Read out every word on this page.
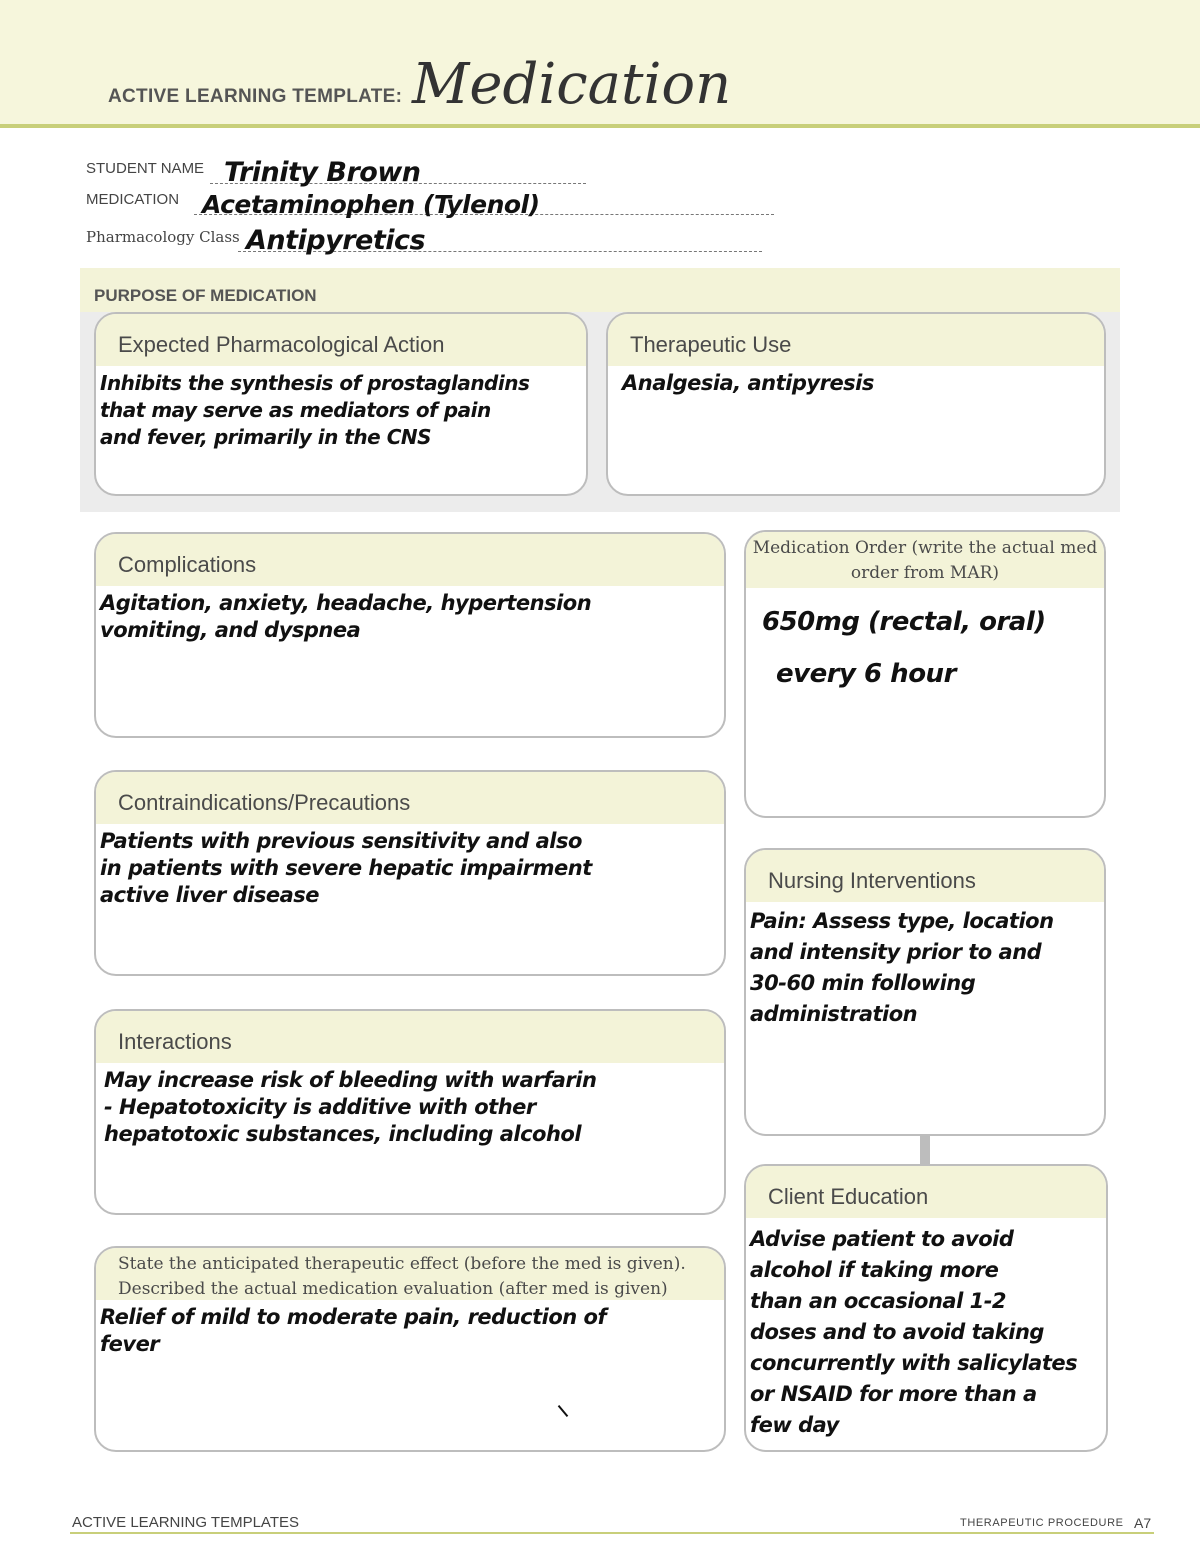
ACTIVE LEARNING TEMPLATE: Medication
STUDENT NAME Trinity Brown
MEDICATION Acetaminophen (Tylenol)
Pharmacology Class Antipyretics
PURPOSE OF MEDICATION
Expected Pharmacological Action
Inhibits the synthesis of prostaglandins
that may serve as mediators of pain
and fever, primarily in the CNS
Therapeutic Use
Analgesia, antipyresis
Complications
Agitation, anxiety, headache, hypertension
vomiting, and dyspnea
Contraindications/Precautions
Patients with previous sensitivity and also
in patients with severe hepatic impairment
active liver disease
Interactions
May increase risk of bleeding with warfarin
- Hepatotoxicity is additive with other
hepatotoxic substances, including alcohol
State the anticipated therapeutic effect (before the med is given).
Described the actual medication evaluation (after med is given)
Relief of mild to moderate pain, reduction of
fever
Medication Order (write the actual med
order from MAR)
650mg (rectal, oral)
every 6 hour
Nursing Interventions
Pain: Assess type, location
and intensity prior to and
30-60 min following
administration
Client Education
Advise patient to avoid
alcohol if taking more
than an occasional 1-2
doses and to avoid taking
concurrently with salicylates
or NSAID for more than a
few day
ACTIVE LEARNING TEMPLATES	THERAPEUTIC PROCEDURE A7
